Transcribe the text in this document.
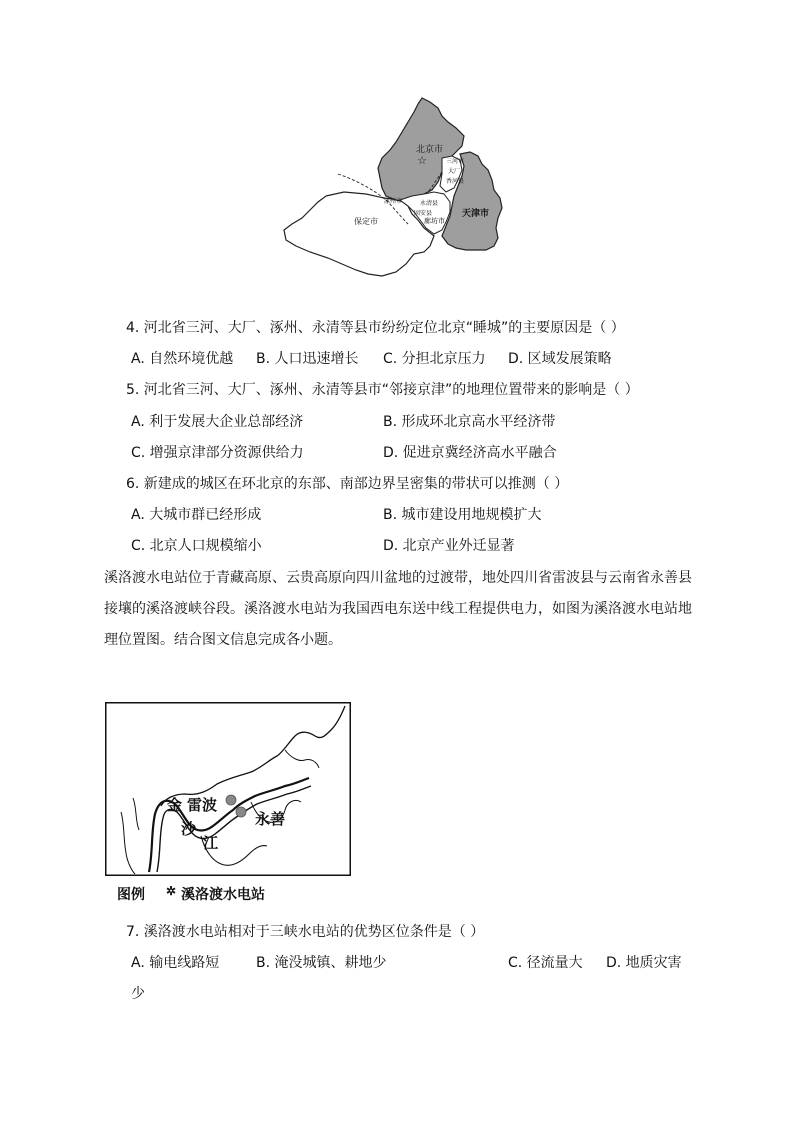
☆
北京市
三河市
大厂
香河县
涿州市	永清县
固安县
廊坊市
天津市
保定市
4. 河北省三河、大厂、涿州、永清等县市纷纷定位北京“睡城”的主要原因是（ ）
A. 自然环境优越 B. 人口迅速增长 C. 分担北京压力 D. 区域发展策略
5. 河北省三河、大厂、涿州、永清等县市“邻接京津”的地理位置带来的影响是（ ）
A. 利于发展大企业总部经济	B. 形成环北京高水平经济带
C. 增强京津部分资源供给力	D. 促进京冀经济高水平融合
6. 新建成的城区在环北京的东部、南部边界呈密集的带状可以推测（ ）
A. 大城市群已经形成	B. 城市建设用地规模扩大
C. 北京人口规模缩小	D. 北京产业外迁显著
溪洛渡水电站位于青藏高原、云贵高原向四川盆地的过渡带，地处四川省雷波县与云南省永善县
接壤的溪洛渡峡谷段。溪洛渡水电站为我国西电东送中线工程提供电力，如图为溪洛渡水电站地
理位置图。结合图文信息完成各小题。
金 雷波
沙
江
永善
图例 ✲ 溪洛渡水电站
7. 溪洛渡水电站相对于三峡水电站的优势区位条件是（ ）
A. 输电线路短	B. 淹没城镇、耕地少	C. 径流量大 D. 地质灾害
少
